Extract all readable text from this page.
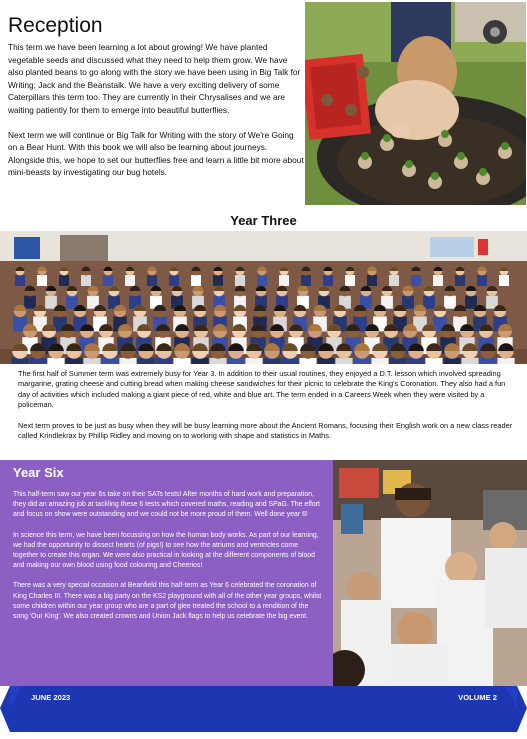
Reception

This term we have been learning a lot about growing! We have planted vegetable seeds and discussed what they need to help them grow. We have also planted beans to go along with the story we have been using in Big Talk for Writing; Jack and the Beanstalk. We have a very exciting delivery of some Caterpillars this term too. They are currently in their Chrysalises and we are waiting patiently for them to emerge into beautiful butterflies.

Next term we will continue or Big Talk for Writing with the story of We're Going on a Bear Hunt. With this book we will also be learning about journeys. Alongside this, we hope to set our butterflies free and learn a little bit more about mini-beasts by investigating our bug hotels.

Year Three

The first half of Summer term was extremely busy for Year 3. In addition to their usual routines, they enjoyed a D.T. lesson which involved spreading margarine, grating cheese and cutting bread when making cheese sandwiches for their picnic to celebrate the King's Coronation. They also had a fun day of activities which included making a giant piece of red, white and blue art. The term ended in a Careers Week when they were visited by a policeman.

Next term proves to be just as busy when they will be busy learning more about the Ancient Romans, focusing their English work on a new class reader called Krindlekrax by Phillip Ridley and moving on to working with shape and statistics in Maths.

Year Six

This half-term saw our year 6s take on their SATs tests! After months of hard work and preparation, they did an amazing job at tackling these 6 tests which covered maths, reading and SPaG. The effort and focus on show were outstanding and we could not be more proud of them. Well done year 6!

In science this term, we have been focussing on how the human body works. As part of our learning, we had the opportunity to dissect hearts (of pigs!) to see how the atriums and ventricles come together to create this organ. We were also practical in looking at the different components of blood and making our own blood using food colouring and Cheerios!

There was a very special occasion at Beanfield this half-term as Year 6 celebrated the coronation of King Charles III. There was a big party on the KS2 playground with all of the other year groups, whilst some children within our year group who are a part of glee treated the school to a rendition of the song 'Our King'. We also created crowns and Union Jack flags to help us celebrate the big event.

JUNE 2023	VOLUME 2
